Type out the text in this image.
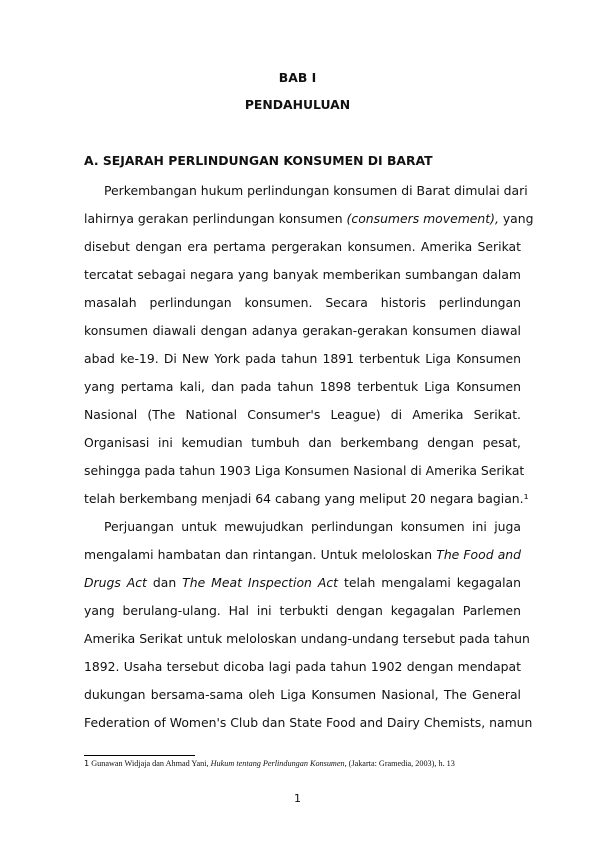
BAB I
PENDAHULUAN
A. SEJARAH PERLINDUNGAN KONSUMEN DI BARAT
Perkembangan hukum perlindungan konsumen di Barat dimulai dari
lahirnya gerakan perlindungan konsumen (consumers movement), yang
disebut dengan era pertama pergerakan konsumen. Amerika Serikat
tercatat sebagai negara yang banyak memberikan sumbangan dalam
masalah perlindungan konsumen. Secara historis perlindungan
konsumen diawali dengan adanya gerakan-gerakan konsumen diawal
abad ke-19. Di New York pada tahun 1891 terbentuk Liga Konsumen
yang pertama kali, dan pada tahun 1898 terbentuk Liga Konsumen
Nasional (The National Consumer's League) di Amerika Serikat.
Organisasi ini kemudian tumbuh dan berkembang dengan pesat,
sehingga pada tahun 1903 Liga Konsumen Nasional di Amerika Serikat
telah berkembang menjadi 64 cabang yang meliput 20 negara bagian.¹
Perjuangan untuk mewujudkan perlindungan konsumen ini juga
mengalami hambatan dan rintangan. Untuk meloloskan The Food and
Drugs Act dan The Meat Inspection Act telah mengalami kegagalan
yang berulang-ulang. Hal ini terbukti dengan kegagalan Parlemen
Amerika Serikat untuk meloloskan undang-undang tersebut pada tahun
1892. Usaha tersebut dicoba lagi pada tahun 1902 dengan mendapat
dukungan bersama-sama oleh Liga Konsumen Nasional, The General
Federation of Women's Club dan State Food and Dairy Chemists, namun
1 Gunawan Widjaja dan Ahmad Yani, Hukum tentang Perlindungan Konsumen, (Jakarta: Gramedia, 2003), h. 13
1
